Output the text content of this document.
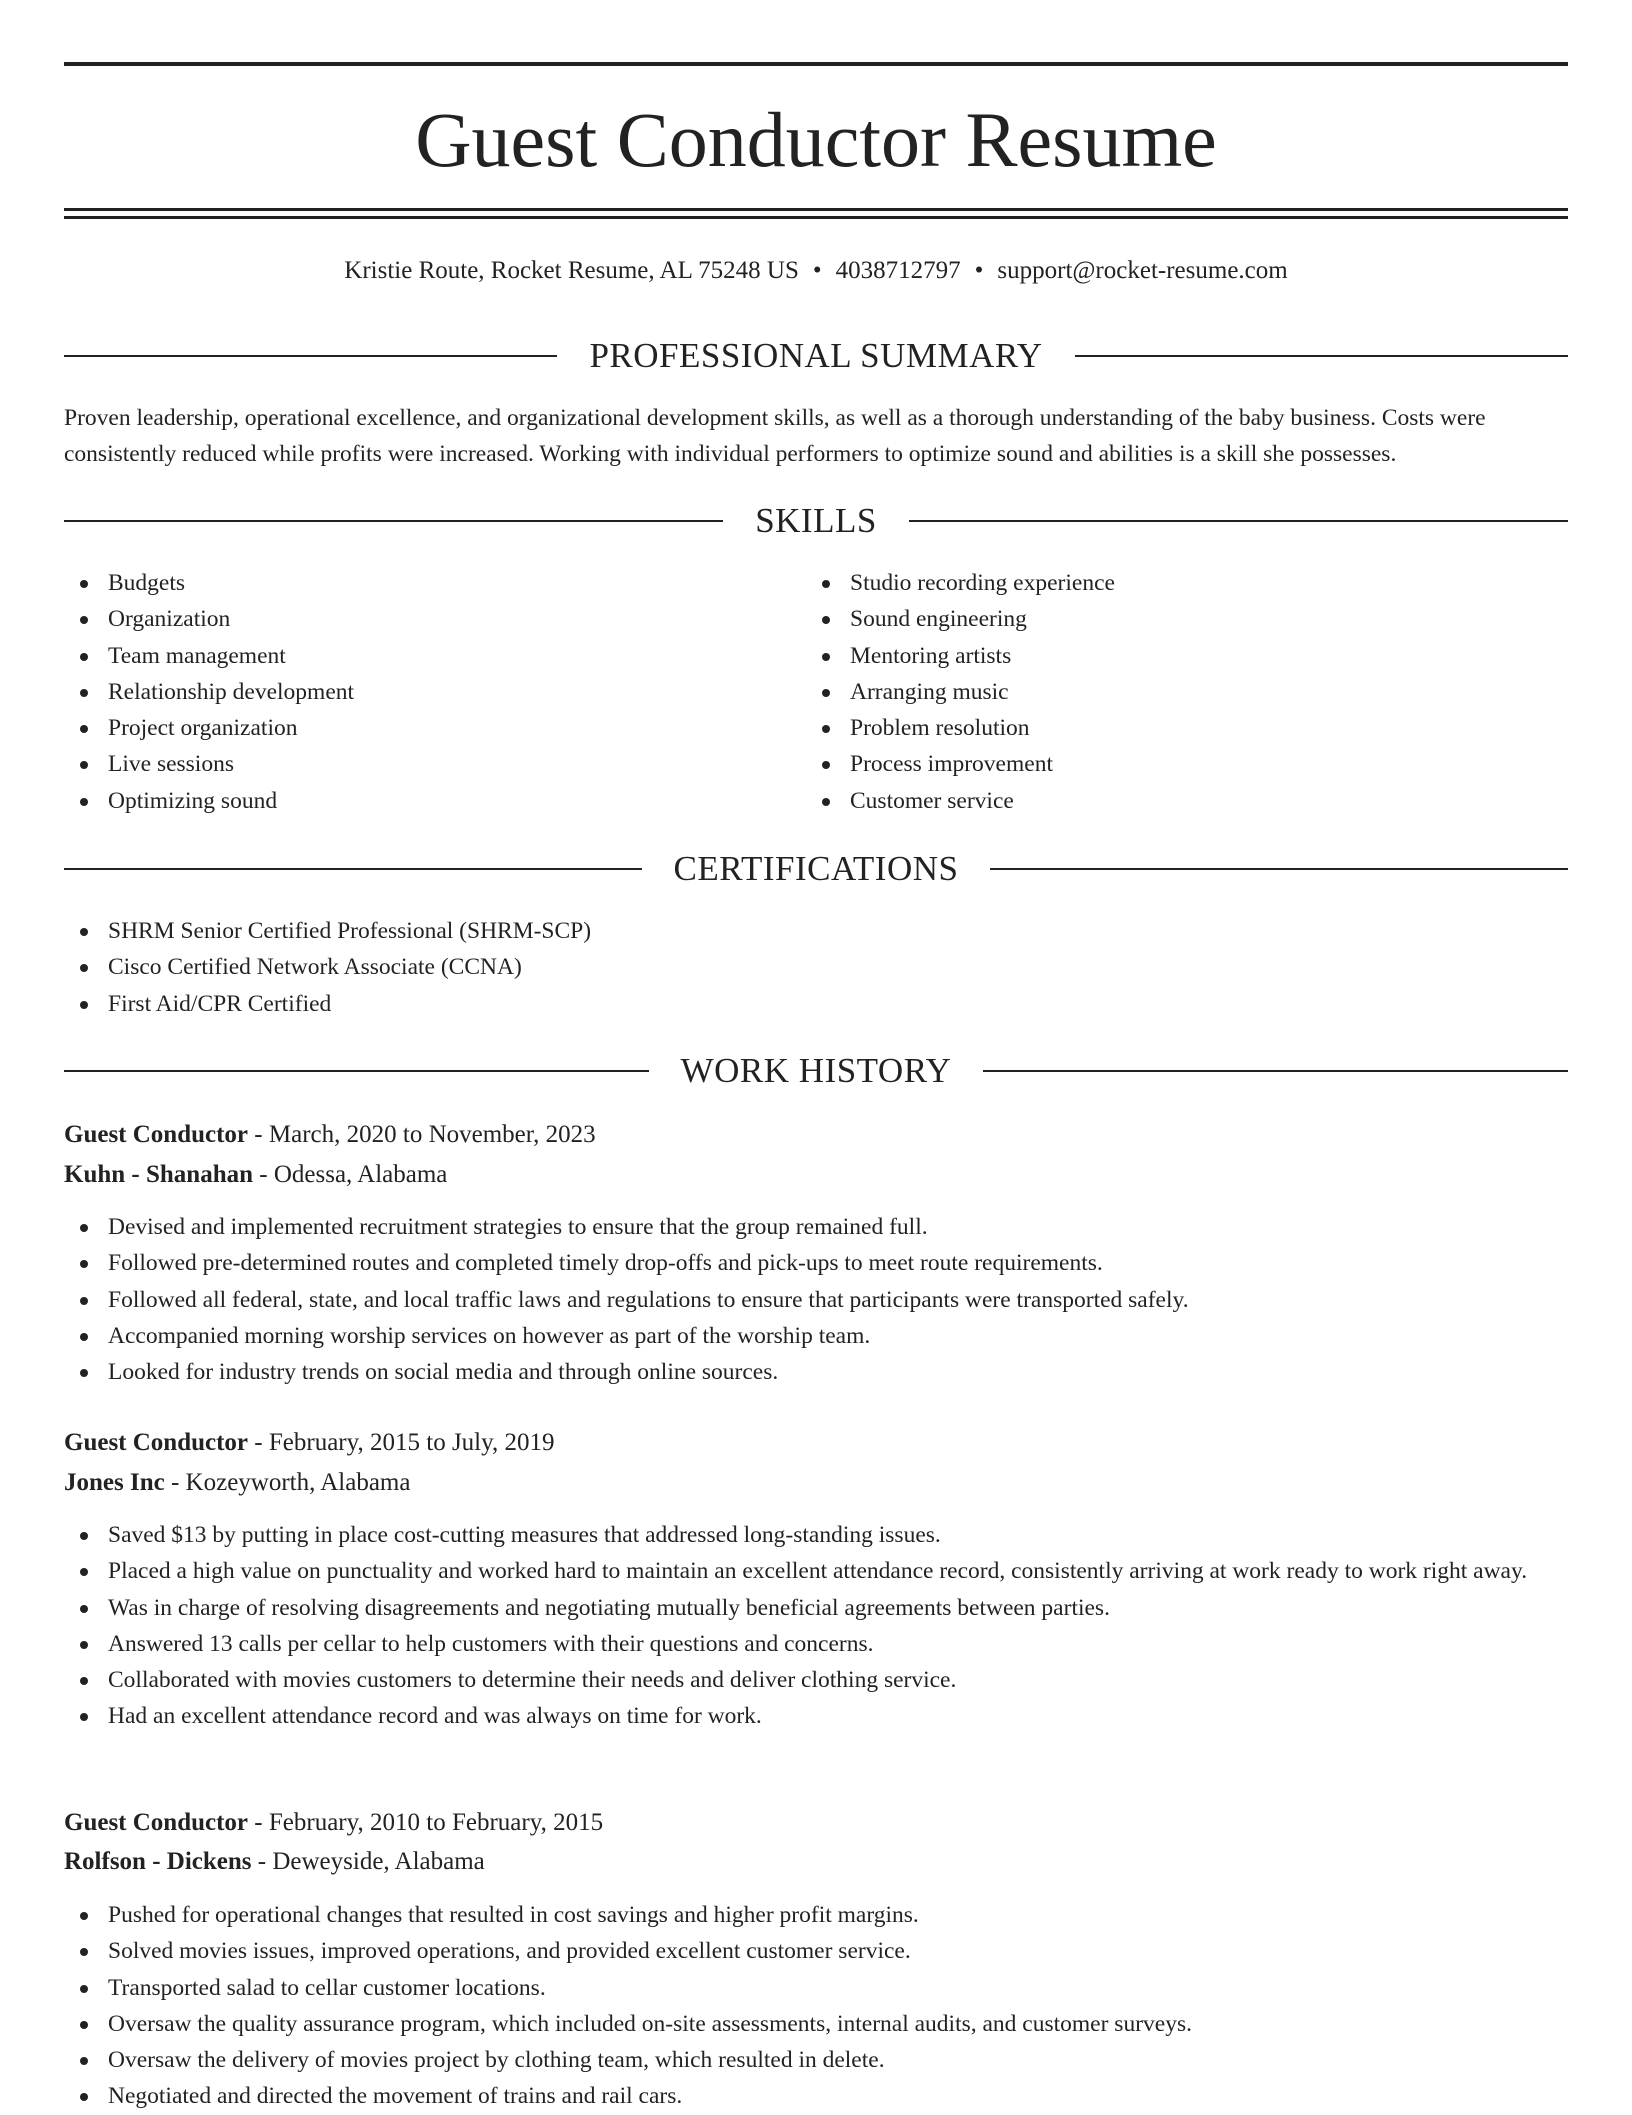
Guest Conductor Resume
Kristie Route, Rocket Resume, AL 75248 US • 4038712797 • support@rocket-resume.com
PROFESSIONAL SUMMARY

Proven leadership, operational excellence, and organizational development skills, as well as a thorough understanding of the baby business. Costs were consistently reduced while profits were increased. Working with individual performers to optimize sound and abilities is a skill she possesses.

SKILLS
Budgets
Organization
Team management
Relationship development
Project organization
Live sessions
Optimizing sound
Studio recording experience
Sound engineering
Mentoring artists
Arranging music
Problem resolution
Process improvement
Customer service
CERTIFICATIONS
SHRM Senior Certified Professional (SHRM-SCP)
Cisco Certified Network Associate (CCNA)
First Aid/CPR Certified
WORK HISTORY
Guest Conductor - March, 2020 to November, 2023
Kuhn - Shanahan - Odessa, Alabama
Devised and implemented recruitment strategies to ensure that the group remained full.
Followed pre-determined routes and completed timely drop-offs and pick-ups to meet route requirements.
Followed all federal, state, and local traffic laws and regulations to ensure that participants were transported safely.
Accompanied morning worship services on however as part of the worship team.
Looked for industry trends on social media and through online sources.
Guest Conductor - February, 2015 to July, 2019
Jones Inc - Kozeyworth, Alabama
Saved $13 by putting in place cost-cutting measures that addressed long-standing issues.
Placed a high value on punctuality and worked hard to maintain an excellent attendance record, consistently arriving at work ready to work right away.
Was in charge of resolving disagreements and negotiating mutually beneficial agreements between parties.
Answered 13 calls per cellar to help customers with their questions and concerns.
Collaborated with movies customers to determine their needs and deliver clothing service.
Had an excellent attendance record and was always on time for work.
Guest Conductor - February, 2010 to February, 2015
Rolfson - Dickens - Deweyside, Alabama
Pushed for operational changes that resulted in cost savings and higher profit margins.
Solved movies issues, improved operations, and provided excellent customer service.
Transported salad to cellar customer locations.
Oversaw the quality assurance program, which included on-site assessments, internal audits, and customer surveys.
Oversaw the delivery of movies project by clothing team, which resulted in delete.
Negotiated and directed the movement of trains and rail cars.
